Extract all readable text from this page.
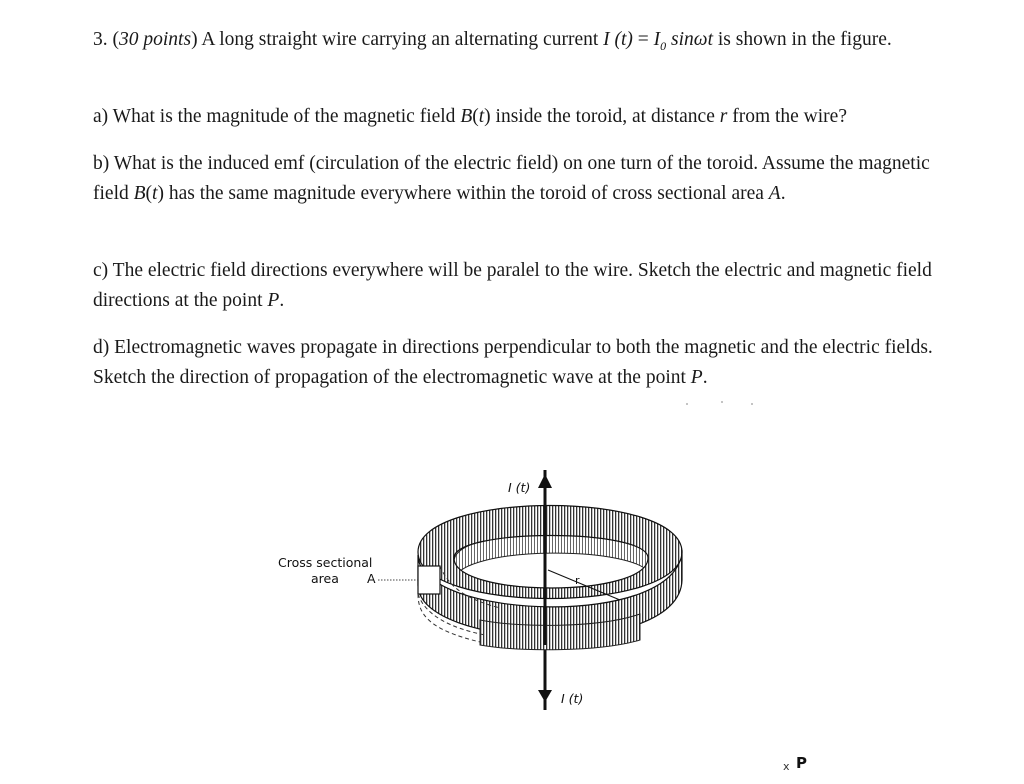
3. (30 points) A long straight wire carrying an alternating current I $(t) = I_0$ sinωt is shown in the figure.

a) What is the magnitude of the magnetic field B(t) inside the toroid, at distance r from the wire?

b) What is the induced emf (circulation of the electric field) on one turn of the toroid. Assume the magnetic field B(t) has the same magnitude everywhere within the toroid of cross sectional area A.

c) The electric field directions everywhere will be paralel to the wire. Sketch the electric and magnetic field directions at the point P.

d) Electromagnetic waves propagate in directions perpendicular to both the magnetic and the electric fields. Sketch the direction of propagation of the electromagnetic wave at the point P.

I (t)
I (t)
Cross sectional
area A	r
x P
